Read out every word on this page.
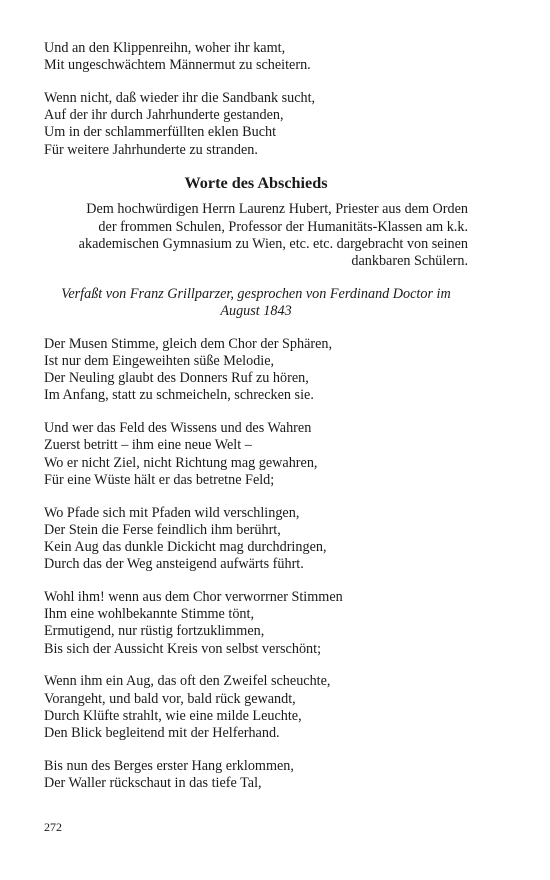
Und an den Klippenreihn, woher ihr kamt,
Mit ungeschwächtem Männermut zu scheitern.
Wenn nicht, daß wieder ihr die Sandbank sucht,
Auf der ihr durch Jahrhunderte gestanden,
Um in der schlammerfüllten eklen Bucht
Für weitere Jahrhunderte zu stranden.
Worte des Abschieds
Dem hochwürdigen Herrn Laurenz Hubert, Priester aus dem Orden
der frommen Schulen, Professor der Humanitäts-Klassen am k.k.
akademischen Gymnasium zu Wien, etc. etc. dargebracht von seinen
dankbaren Schülern.
Verfaßt von Franz Grillparzer, gesprochen von Ferdinand Doctor im
August 1843
Der Musen Stimme, gleich dem Chor der Sphären,
Ist nur dem Eingeweihten süße Melodie,
Der Neuling glaubt des Donners Ruf zu hören,
Im Anfang, statt zu schmeicheln, schrecken sie.
Und wer das Feld des Wissens und des Wahren
Zuerst betritt – ihm eine neue Welt –
Wo er nicht Ziel, nicht Richtung mag gewahren,
Für eine Wüste hält er das betretne Feld;
Wo Pfade sich mit Pfaden wild verschlingen,
Der Stein die Ferse feindlich ihm berührt,
Kein Aug das dunkle Dickicht mag durchdringen,
Durch das der Weg ansteigend aufwärts führt.
Wohl ihm! wenn aus dem Chor verworrner Stimmen
Ihm eine wohlbekannte Stimme tönt,
Ermutigend, nur rüstig fortzuklimmen,
Bis sich der Aussicht Kreis von selbst verschönt;
Wenn ihm ein Aug, das oft den Zweifel scheuchte,
Vorangeht, und bald vor, bald rück gewandt,
Durch Klüfte strahlt, wie eine milde Leuchte,
Den Blick begleitend mit der Helferhand.
Bis nun des Berges erster Hang erklommen,
Der Waller rückschaut in das tiefe Tal,
272
